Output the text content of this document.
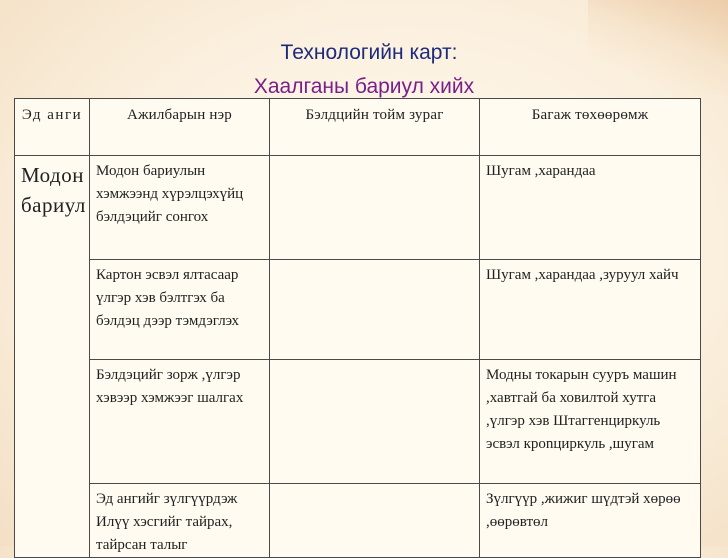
Технологийн карт:
Хаалганы бариул хийх
Эд анги	Ажилбарын нэр	Бэлдцийн тойм зураг	Багаж төхөөрөмж
Модон бариул	Модон бариулын хэмжээнд хүрэлцэхүйц бэлдэцийг сонгох		Шугам ,харандаа
	Картон эсвэл ялтасаар үлгэр хэв бэлтгэх ба бэлдэц дээр тэмдэглэх		Шугам ,харандаа ,зуруул хайч
	Бэлдэцийг зорж ,үлгэр хэвээр хэмжээг шалгах		Модны токарын сууръ машин ,хавтгай ба ховилтой хутга ,үлгэр хэв Штаггенциркуль эсвэл крonциркуль ,шугам
	Эд ангийг зүлгүүрдэж Илүү хэсгийг тайрах, тайрсан талыг		Зүлгүүр ,жижиг шүдтэй хөрөө ,өөрөвтөл
